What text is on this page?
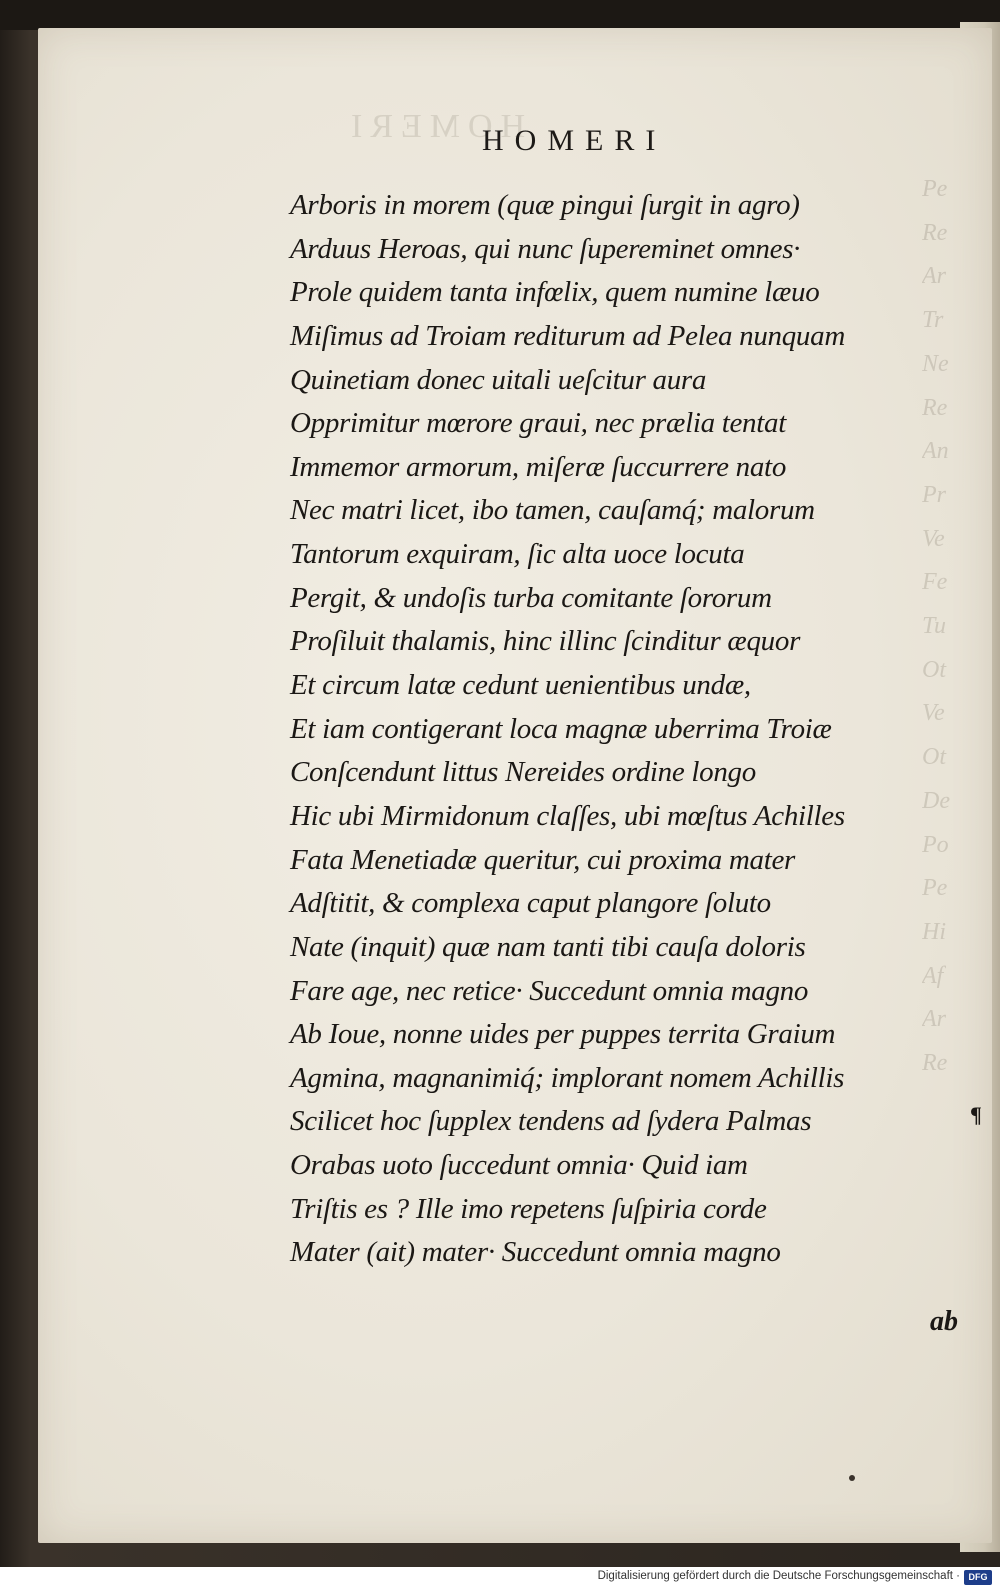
HOMERI
Pe
Re
Ar
Tr
Ne
Re
An
Pr
Ve
Fe
Tu
Ot
Ve
Ot
De
Po
Pe
Hi
Af
Ar
Re
HOMERI
Arboris in morem (quæ pingui ſurgit in agro)
Arduus Heroas, qui nunc ſupereminet omnes·
Prole quidem tanta infœlix, quem numine læuo
Miſimus ad Troiam rediturum ad Pelea nunquam
Quinetiam donec uitali ueſcitur aura
Opprimitur mœrore graui, nec prælia tentat
Immemor armorum, miſeræ ſuccurrere nato
Nec matri licet, ibo tamen, cauſamq́; malorum
Tantorum exquiram, ſic alta uoce locuta
Pergit, & undoſis turba comitante ſororum
Proſiluit thalamis, hinc illinc ſcinditur æquor
Et circum latæ cedunt uenientibus undæ,
Et iam contigerant loca magnæ uberrima Troiæ
Conſcendunt littus Nereides ordine longo
Hic ubi Mirmidonum claſſes, ubi mœſtus Achilles
Fata Menetiadæ queritur, cui proxima mater
Adſtitit, & complexa caput plangore ſoluto
Nate (inquit) quæ nam tanti tibi cauſa doloris
Fare age, nec retice· Succedunt omnia magno
Ab Ioue, nonne uides per puppes territa Graium
Agmina, magnanimiq́; implorant nomem Achillis
Scilicet hoc ſupplex tendens ad ſydera Palmas
Orabas uoto ſuccedunt omnia· Quid iam
Triſtis es ? Ille imo repetens ſuſpiria corde
Mater (ait) mater· Succedunt omnia magno
¶
ab
Digitalisierung gefördert durch die Deutsche Forschungsgemeinschaft · DFG
